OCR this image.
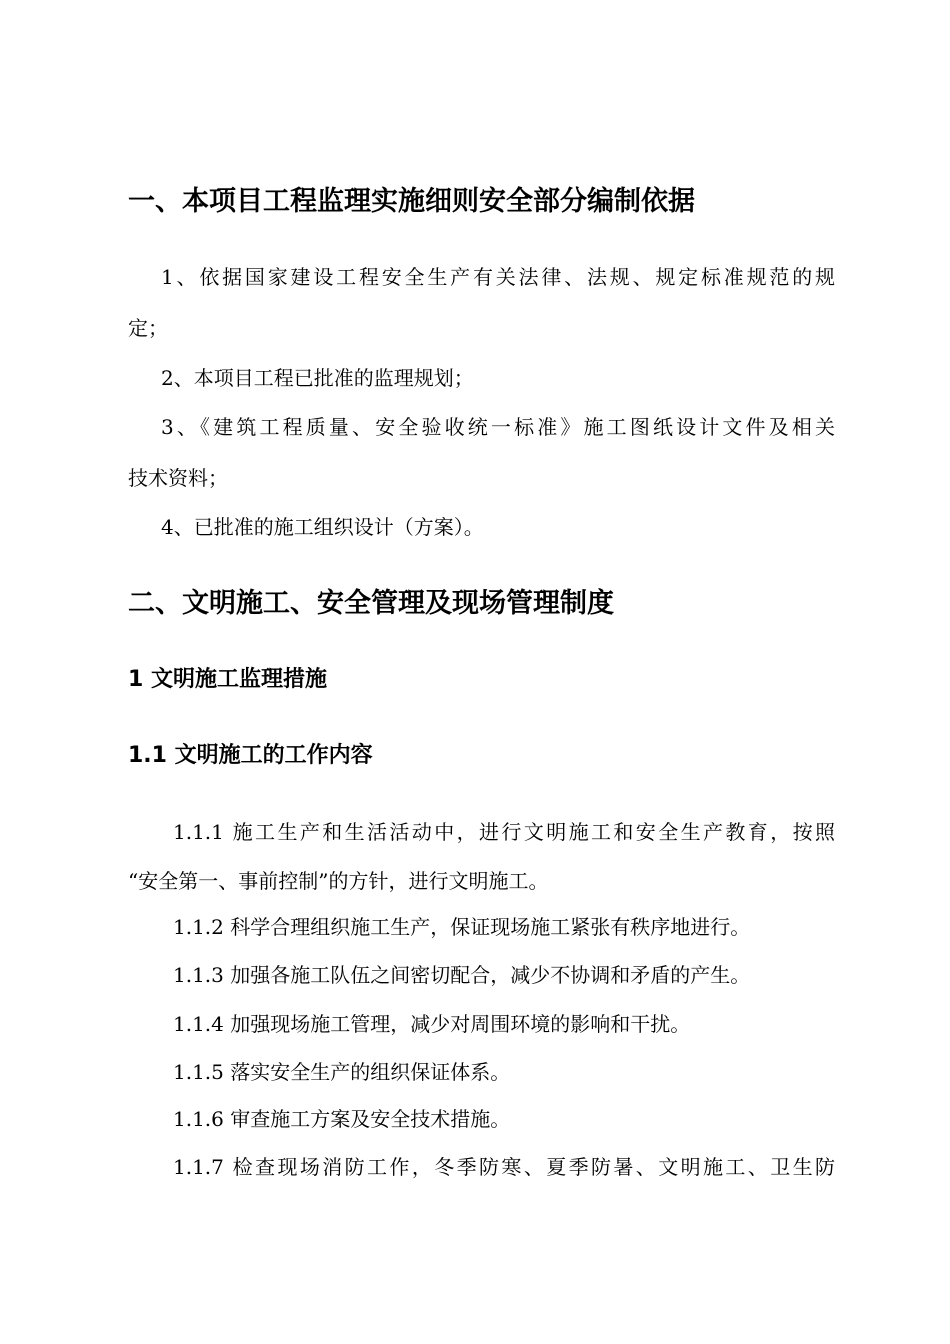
一、本项目工程监理实施细则安全部分编制依据
1、依据国家建设工程安全生产有关法律、法规、规定标准规范的规
定；
2、本项目工程已批准的监理规划；
3、《建筑工程质量、安全验收统一标准》施工图纸设计文件及相关
技术资料；
4、已批准的施工组织设计（方案）。
二、文明施工、安全管理及现场管理制度
1 文明施工监理措施
1.1 文明施工的工作内容
1.1.1 施工生产和生活活动中，进行文明施工和安全生产教育，按照
“安全第一、事前控制”的方针，进行文明施工。
1.1.2 科学合理组织施工生产，保证现场施工紧张有秩序地进行。
1.1.3 加强各施工队伍之间密切配合，减少不协调和矛盾的产生。
1.1.4 加强现场施工管理，减少对周围环境的影响和干扰。
1.1.5 落实安全生产的组织保证体系。
1.1.6 审查施工方案及安全技术措施。
1.1.7 检查现场消防工作，冬季防寒、夏季防暑、文明施工、卫生防
